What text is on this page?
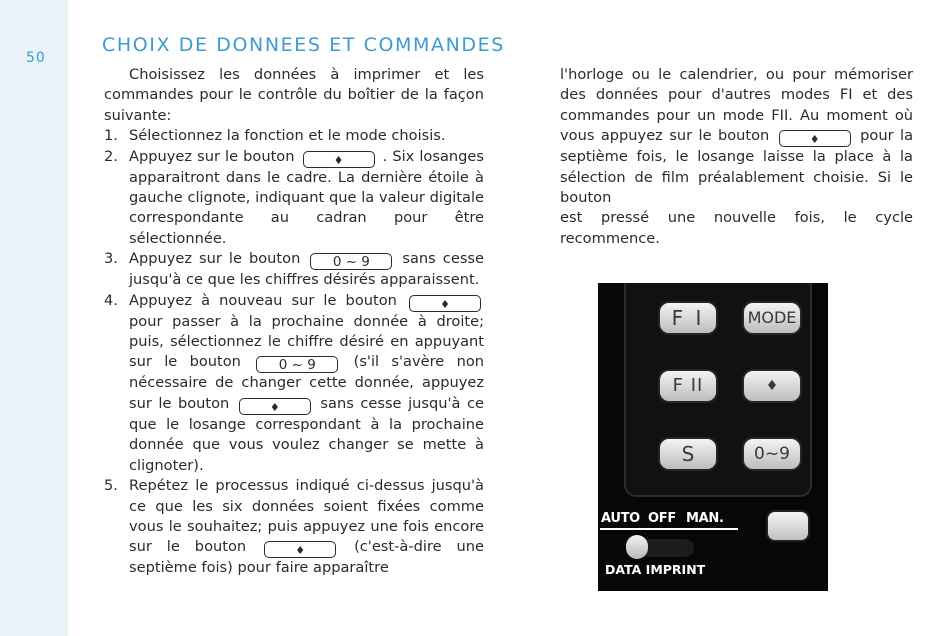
50
CHOIX DE DONNEES ET COMMANDES

Choisissez les données à imprimer et les commandes pour le contrôle du boîtier de la façon suivante:

1. Sélectionnez la fonction et le mode choisis.
2. Appuyez sur le bouton	♦	. Six losanges apparaitront dans le cadre. La dernière étoile à gauche clignote, indiquant que la valeur digitale correspondante au cadran pour être sélectionnée.
3. Appuyez sur le bouton 0 ~ 9 sans cesse jusqu'à ce que les chiffres désirés apparaissent.
4. Appuyez à nouveau sur le bouton	♦ pour passer à la prochaine donnée à droite; puis, sélectionnez le chiffre désiré en appuyant sur le bouton	0 ~ 9	(s'il s'avère non nécessaire de changer cette donnée, appuyez sur le bouton	♦	sans cesse jusqu'à ce que le losange correspondant à la prochaine donnée que vous voulez changer se mette à clignoter).
5. Repétez le processus indiqué ci-dessus jusqu'à ce que les six données soient fixées comme vous le souhaitez; puis appuyez une fois encore sur le bouton	♦	(c'est-à-dire une septième fois) pour faire apparaître
l'horloge ou le calendrier, ou pour mémoriser des données pour d'autres modes FI et des commandes pour un mode FII. Au moment où vous appuyez sur le bouton	♦	pour la septième fois, le losange laisse la place à la sélection de film préalablement choisie. Si le bouton
est pressé une nouvelle fois, le cycle recommence.
F I	MODE
F II	♦
S	0~9
AUTO OFF MAN.
DATA IMPRINT
